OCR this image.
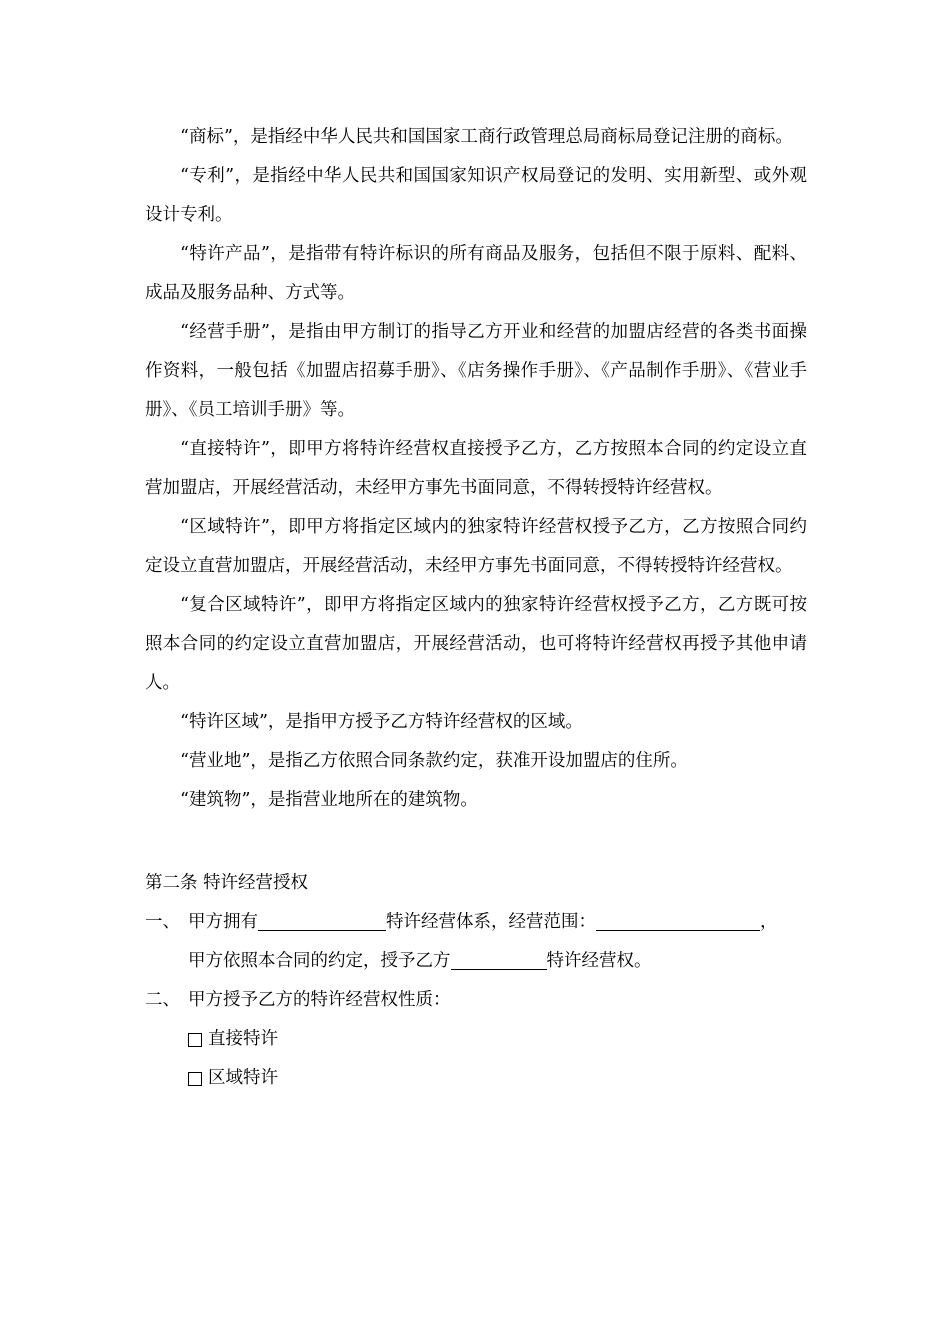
“商标”，是指经中华人民共和国国家工商行政管理总局商标局登记注册的商标。

“专利”，是指经中华人民共和国国家知识产权局登记的发明、实用新型、或外观设计专利。

“特许产品”，是指带有特许标识的所有商品及服务，包括但不限于原料、配料、成品及服务品种、方式等。

“经营手册”，是指由甲方制订的指导乙方开业和经营的加盟店经营的各类书面操作资料，一般包括《加盟店招募手册》、《店务操作手册》、《产品制作手册》、《营业手册》、《员工培训手册》等。

“直接特许”，即甲方将特许经营权直接授予乙方，乙方按照本合同的约定设立直营加盟店，开展经营活动，未经甲方事先书面同意，不得转授特许经营权。

“区域特许”，即甲方将指定区域内的独家特许经营权授予乙方，乙方按照合同约定设立直营加盟店，开展经营活动，未经甲方事先书面同意，不得转授特许经营权。

“复合区域特许”，即甲方将指定区域内的独家特许经营权授予乙方，乙方既可按照本合同的约定设立直营加盟店，开展经营活动，也可将特许经营权再授予其他申请人。

“特许区域”，是指甲方授予乙方特许经营权的区域。

“营业地”，是指乙方依照合同条款约定，获准开设加盟店的住所。

“建筑物”，是指营业地所在的建筑物。

第二条 特许经营授权

一、 甲方拥有	特许经营体系，经营范围：	，

甲方依照本合同的约定，授予乙方	特许经营权。

二、 甲方授予乙方的特许经营权性质：
直接特许
区域特许
